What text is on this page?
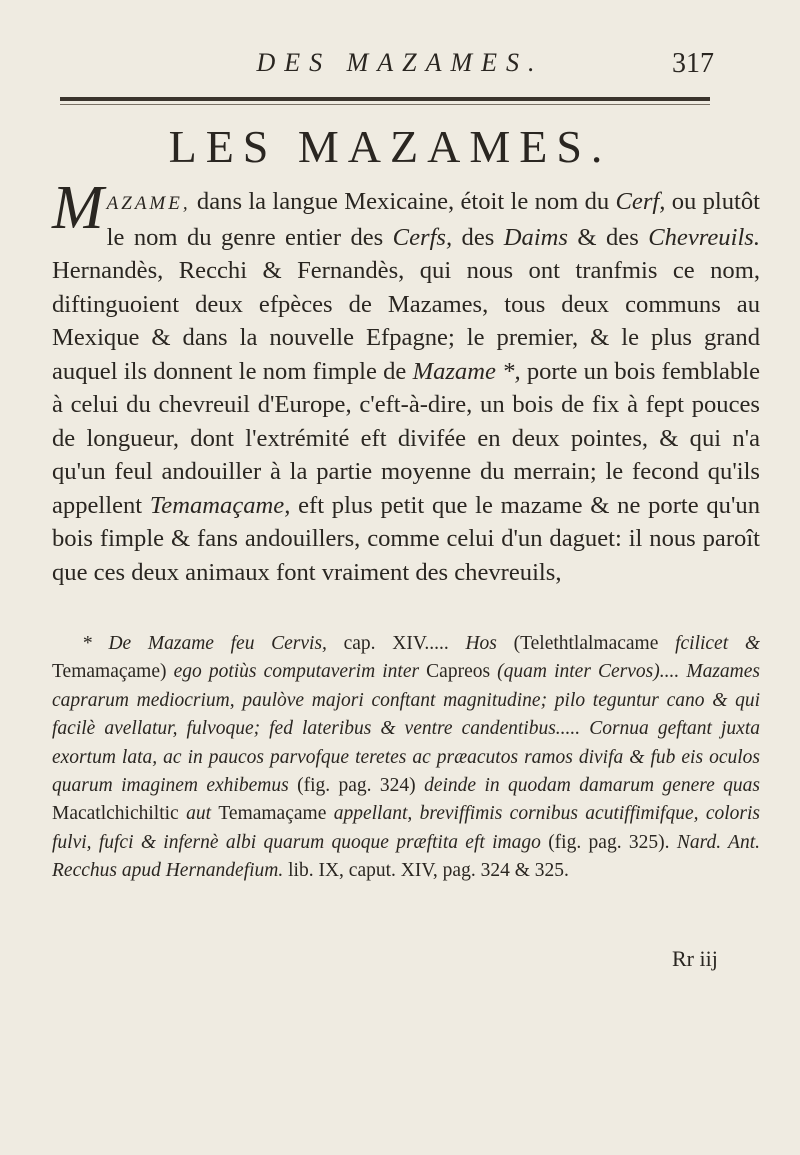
DES MAZAMES.	317
LES MAZAMES.

MAZAME, dans la langue Mexicaine, étoit le nom du Cerf, ou plutôt le nom du genre entier des Cerfs, des Daims & des Chevreuils. Hernandès, Recchi & Fernandès, qui nous ont tranfmis ce nom, diftinguoient deux efpèces de Mazames, tous deux communs au Mexique & dans la nouvelle Efpagne; le premier, & le plus grand auquel ils donnent le nom fimple de Mazame *, porte un bois femblable à celui du chevreuil d'Europe, c'eft-à-dire, un bois de fix à fept pouces de longueur, dont l'extrémité eft divifée en deux pointes, & qui n'a qu'un feul andouiller à la partie moyenne du merrain; le fecond qu'ils appellent Temamaçame, eft plus petit que le mazame & ne porte qu'un bois fimple & fans andouillers, comme celui d'un daguet: il nous paroît que ces deux animaux font vraiment des chevreuils,

* De Mazame feu Cervis, cap. XIV..... Hos (Telethtlalmacame fcilicet & Temamaçame) ego potiùs computaverim inter Capreos (quam inter Cervos).... Mazames caprarum mediocrium, paulòve majori conftant magnitudine; pilo teguntur cano & qui facilè avellatur, fulvoque; fed lateribus & ventre candentibus..... Cornua geftant juxta exortum lata, ac in paucos parvofque teretes ac præacutos ramos divifa & fub eis oculos quarum imaginem exhibemus (fig. pag. 324) deinde in quodam damarum genere quas Macatlchichiltic aut Temamaçame appellant, breviffimis cornibus acutiffimifque, coloris fulvi, fufci & infernè albi quarum quoque præftita eft imago (fig. pag. 325). Nard. Ant. Recchus apud Hernandefium. lib. IX, caput. XIV, pag. 324 & 325.

Rr iij
